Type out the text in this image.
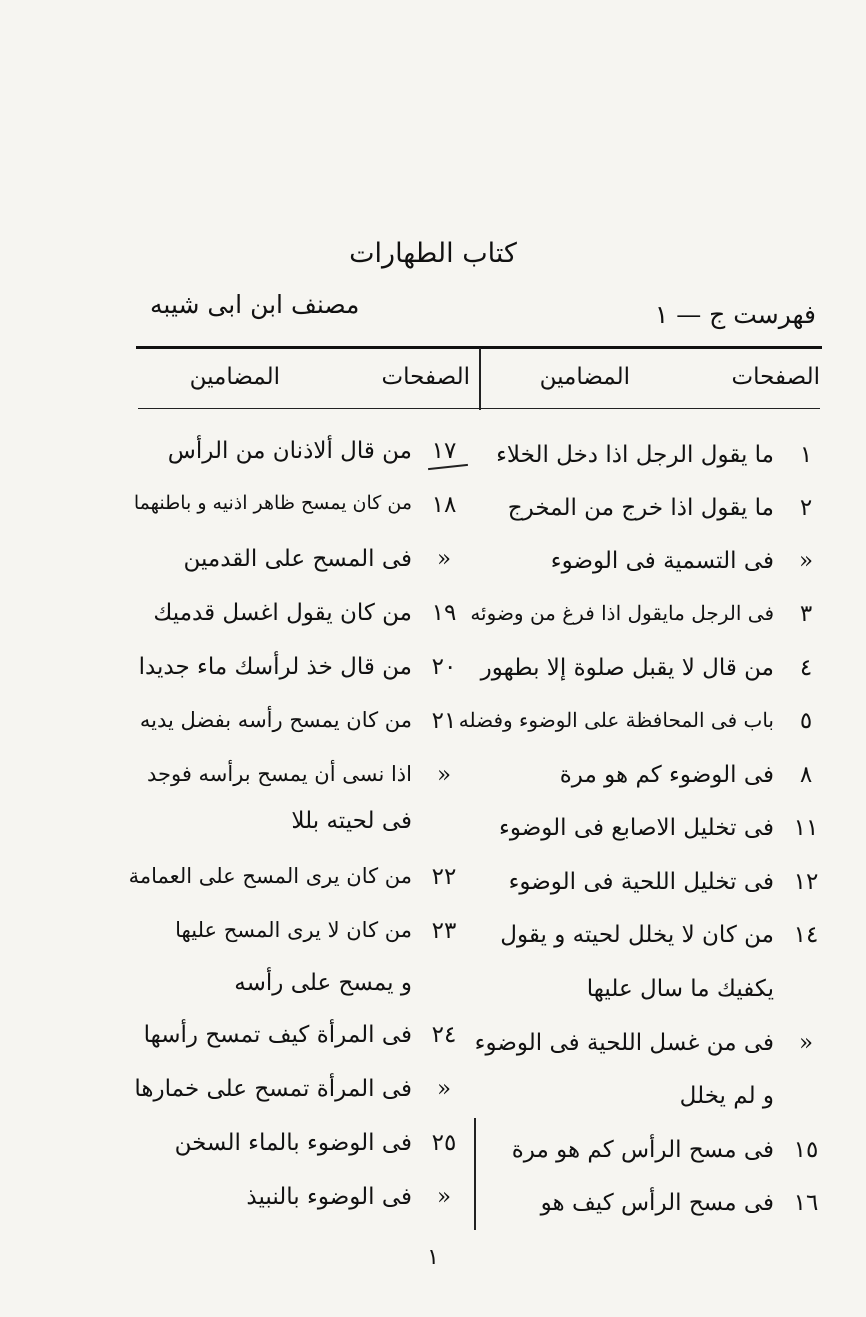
كتاب الطهارات
فهرست ج — ١
مصنف ابن ابى شيبه
الصفحات
المضامين
الصفحات
المضامين
١
ما يقول الرجل اذا دخل الخلاء
٢
ما يقول اذا خرج من المخرج
«
فى التسمية فى الوضوء
٣
فى الرجل مايقول اذا فرغ من وضوئه
٤
من قال لا يقبل صلوة إلا بطهور
٥
باب فى المحافظة على الوضوء وفضله
٨
فى الوضوء كم هو مرة
١١
فى تخليل الاصابع فى الوضوء
١٢
فى تخليل اللحية فى الوضوء
١٤
من كان لا يخلل لحيته و يقول
يكفيك ما سال عليها
«
فى من غسل اللحية فى الوضوء
و لم يخلل
١٥
فى مسح الرأس كم هو مرة
١٦
فى مسح الرأس كيف هو
١٧
من قال ألاذنان من الرأس
١٨
من كان يمسح ظاهر اذنيه و باطنهما
«
فى المسح على القدمين
١٩
من كان يقول اغسل قدميك
٢٠
من قال خذ لرأسك ماء جديدا
٢١
من كان يمسح رأسه بفضل يديه
«
اذا نسى أن يمسح برأسه فوجد
فى لحيته بللا
٢٢
من كان يرى المسح على العمامة
٢٣
من كان لا يرى المسح عليها
و يمسح على رأسه
٢٤
فى المرأة كيف تمسح رأسها
«
فى المرأة تمسح على خمارها
٢٥
فى الوضوء بالماء السخن
«
فى الوضوء بالنبيذ
١
